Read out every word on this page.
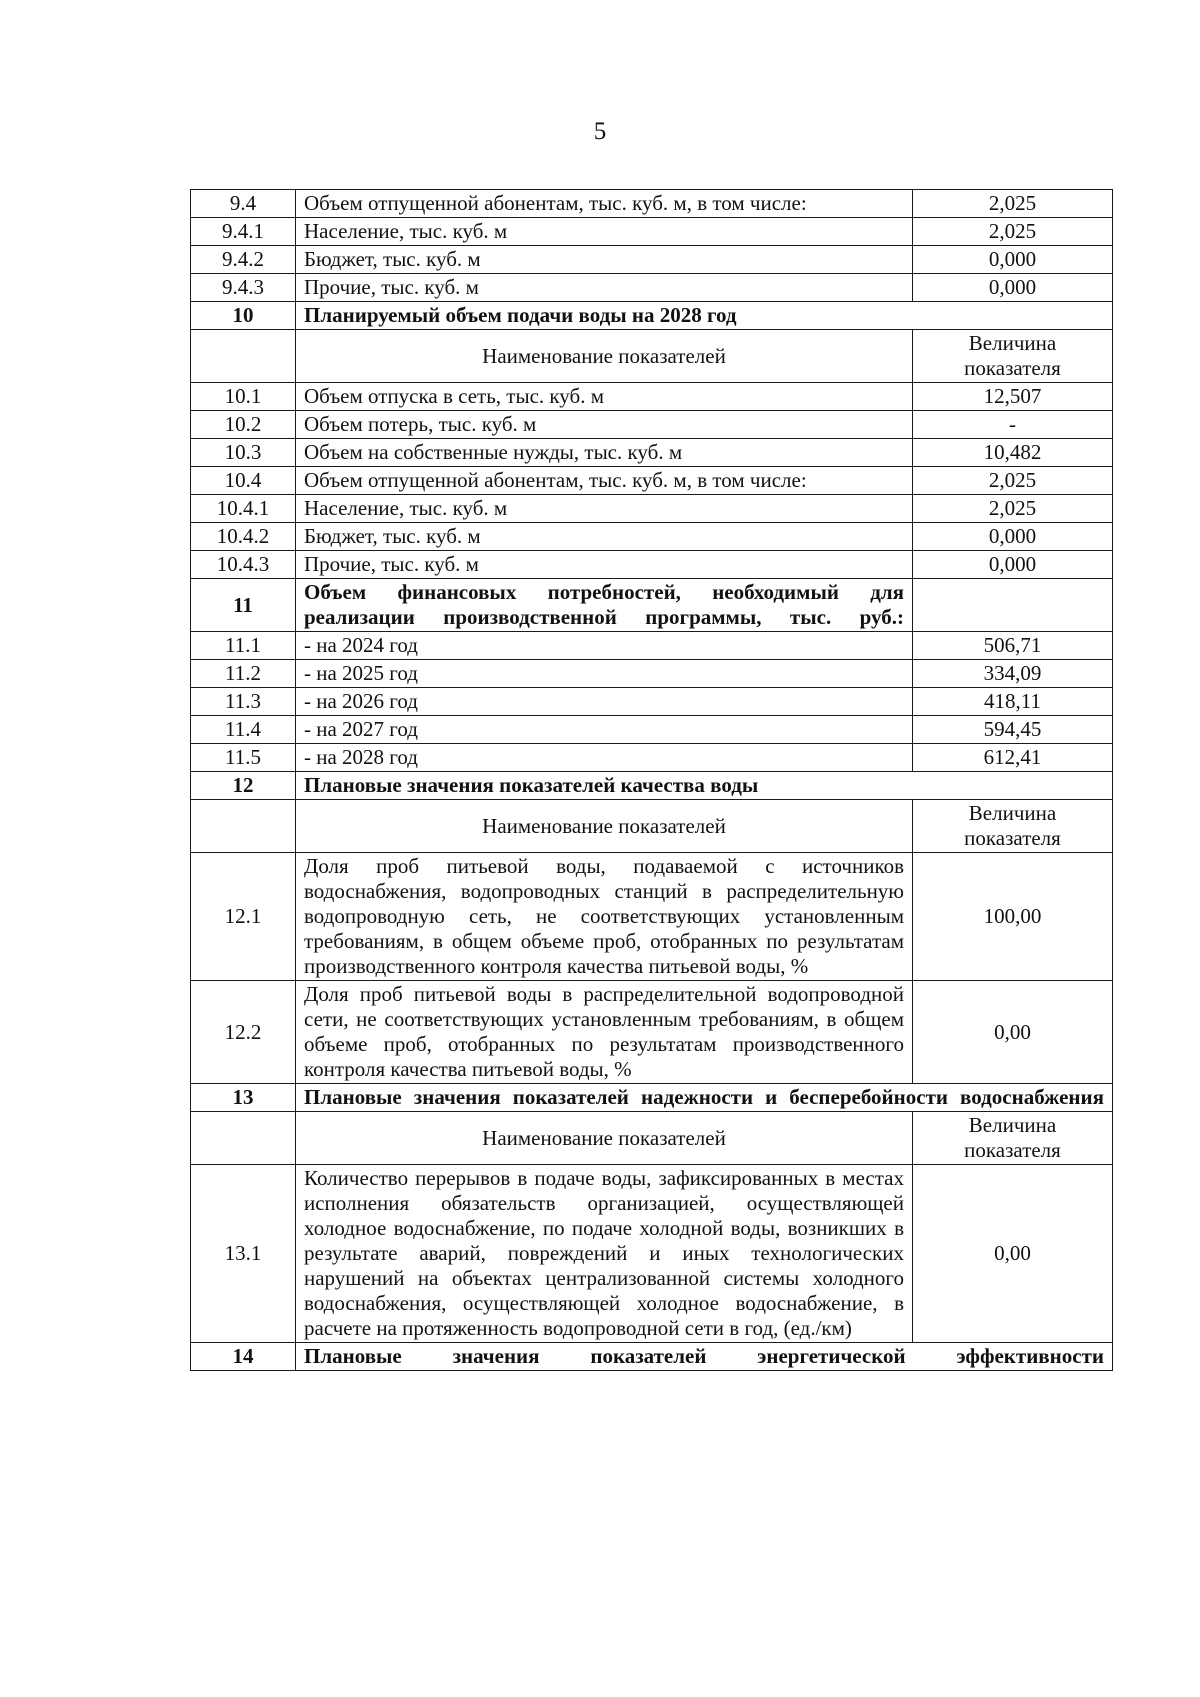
5
9.4	Объем отпущенной абонентам, тыс. куб. м, в том числе:	2,025
9.4.1	Население, тыс. куб. м	2,025
9.4.2	Бюджет, тыс. куб. м	0,000
9.4.3	Прочие, тыс. куб. м	0,000
10	Планируемый объем подачи воды на 2028 год	
	Наименование показателей	Величина показателя
10.1	Объем отпуска в сеть, тыс. куб. м	12,507
10.2	Объем потерь, тыс. куб. м	-
10.3	Объем на собственные нужды, тыс. куб. м	10,482
10.4	Объем отпущенной абонентам, тыс. куб. м, в том числе:	2,025
10.4.1	Население, тыс. куб. м	2,025
10.4.2	Бюджет, тыс. куб. м	0,000
10.4.3	Прочие, тыс. куб. м	0,000
11	Объем финансовых потребностей, необходимый для реализации производственной программы, тыс. руб.:	
11.1	- на 2024 год	506,71
11.2	- на 2025 год	334,09
11.3	- на 2026 год	418,11
11.4	- на 2027 год	594,45
11.5	- на 2028 год	612,41
12	Плановые значения показателей качества воды	
	Наименование показателей	Величина показателя
12.1	Доля проб питьевой воды, подаваемой с источников водоснабжения, водопроводных станций в распределительную водопроводную сеть, не соответствующих установленным требованиям, в общем объеме проб, отобранных по результатам производственного контроля качества питьевой воды, %	100,00
12.2	Доля проб питьевой воды в распределительной водопроводной сети, не соответствующих установленным требованиям, в общем объеме проб, отобранных по результатам производственного контроля качества питьевой воды, %	0,00
13	Плановые значения показателей надежности и бесперебойности водоснабжения	
	Наименование показателей	Величина показателя
13.1	Количество перерывов в подаче воды, зафиксированных в местах исполнения обязательств организацией, осуществляющей холодное водоснабжение, по подаче холодной воды, возникших в результате аварий, повреждений и иных технологических нарушений на объектах централизованной системы холодного водоснабжения, осуществляющей холодное водоснабжение, в расчете на протяженность водопроводной сети в год, (ед./км)	0,00
14	Плановые значения показателей энергетической эффективности	
